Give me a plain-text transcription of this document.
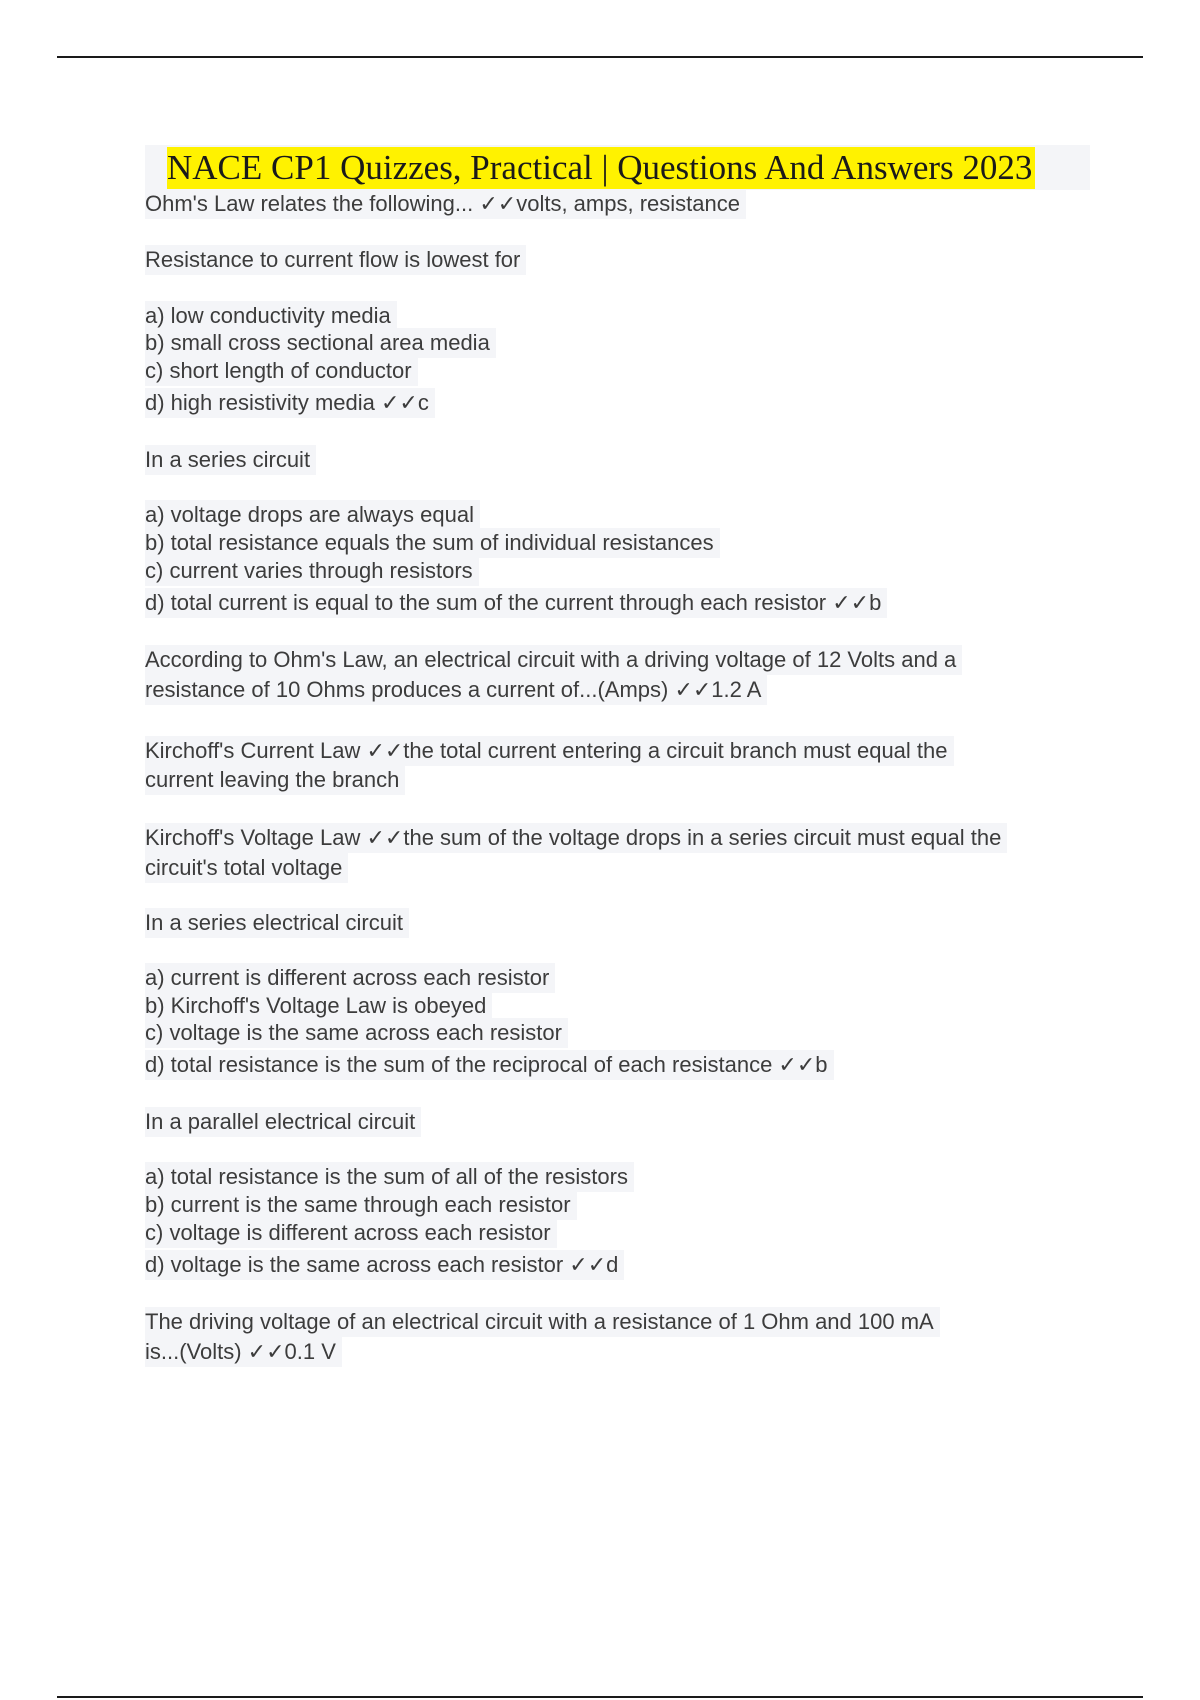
NACE CP1 Quizzes, Practical | Questions And Answers 2023

Ohm's Law relates the following... ✓✓volts, amps, resistance

Resistance to current flow is lowest for

a) low conductivity media

b) small cross sectional area media

c) short length of conductor

d) high resistivity media ✓✓c

In a series circuit

a) voltage drops are always equal

b) total resistance equals the sum of individual resistances

c) current varies through resistors

d) total current is equal to the sum of the current through each resistor ✓✓b

According to Ohm's Law, an electrical circuit with a driving voltage of 12 Volts and a

resistance of 10 Ohms produces a current of...(Amps) ✓✓1.2 A

Kirchoff's Current Law ✓✓the total current entering a circuit branch must equal the

current leaving the branch

Kirchoff's Voltage Law ✓✓the sum of the voltage drops in a series circuit must equal the

circuit's total voltage

In a series electrical circuit

a) current is different across each resistor

b) Kirchoff's Voltage Law is obeyed

c) voltage is the same across each resistor

d) total resistance is the sum of the reciprocal of each resistance ✓✓b

In a parallel electrical circuit

a) total resistance is the sum of all of the resistors

b) current is the same through each resistor

c) voltage is different across each resistor

d) voltage is the same across each resistor ✓✓d

The driving voltage of an electrical circuit with a resistance of 1 Ohm and 100 mA

is...(Volts) ✓✓0.1 V
